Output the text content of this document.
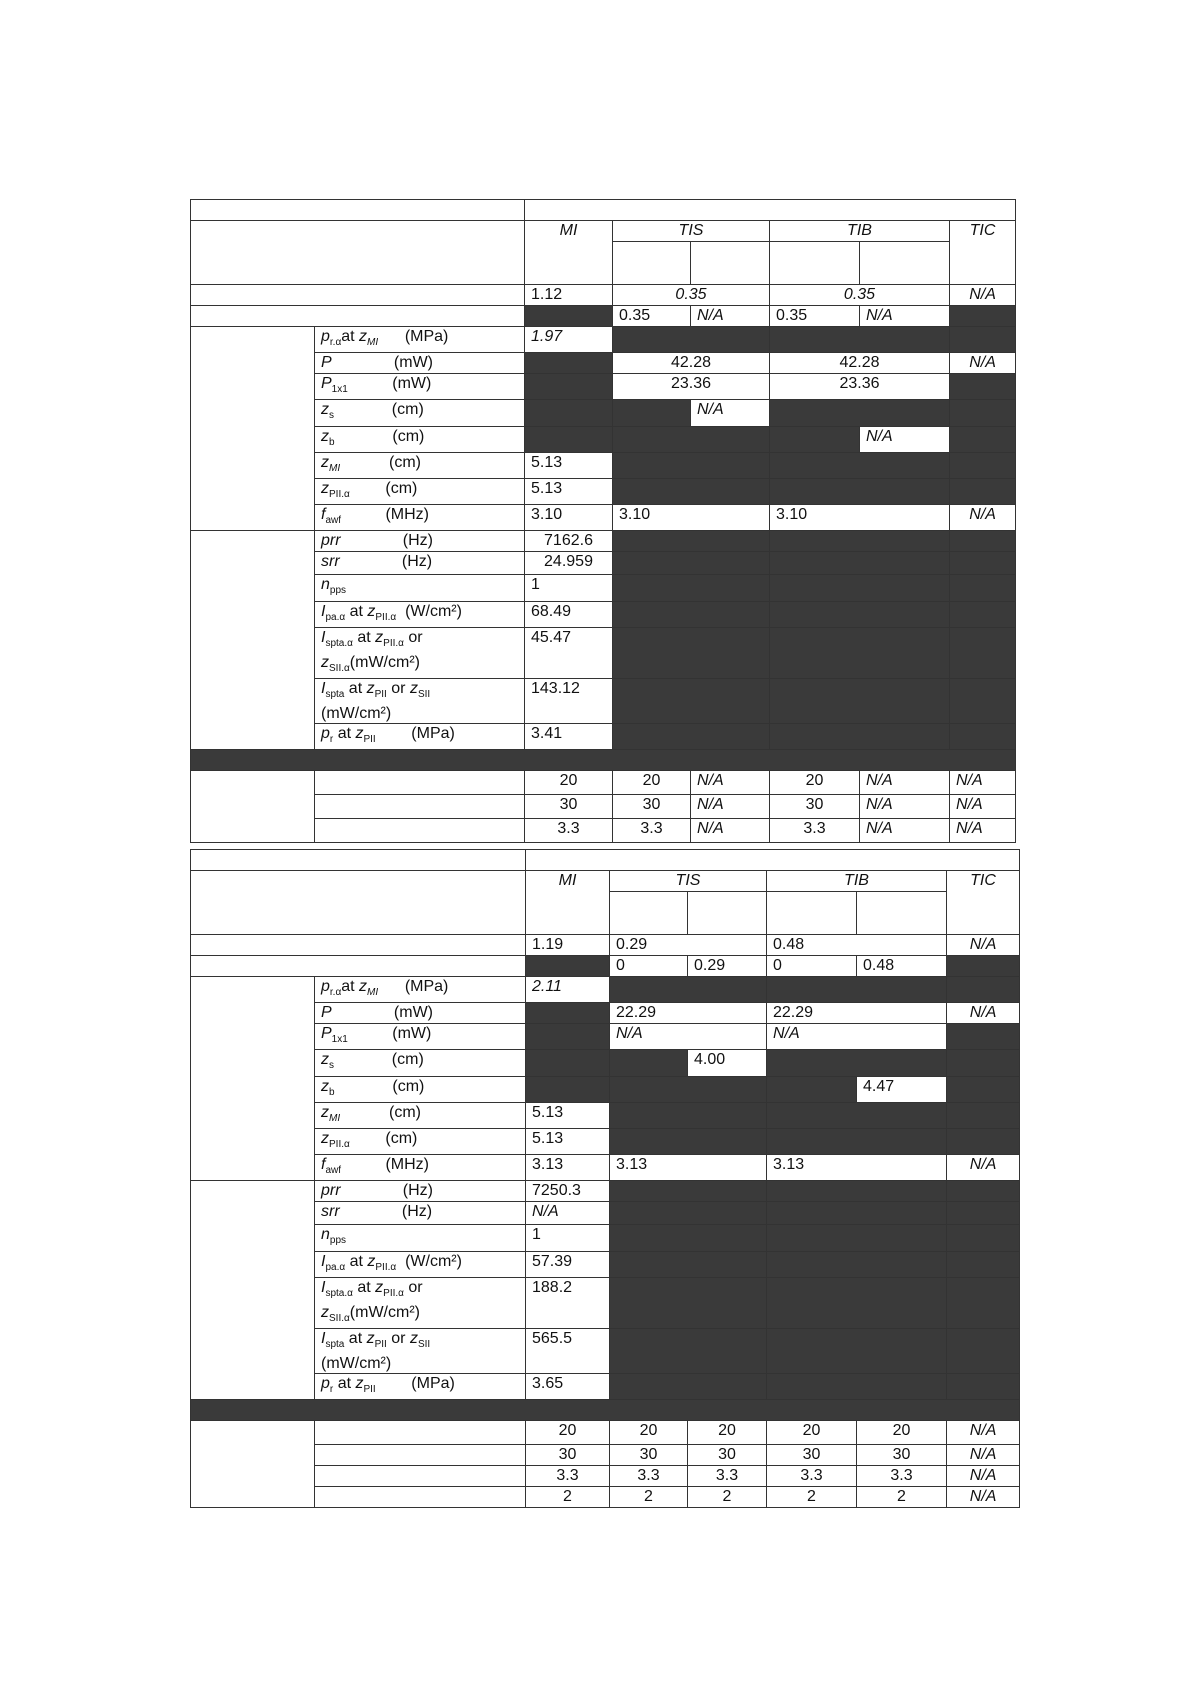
		MI	TIS		TIB		TIC

		1.12	0.35		0.35		N/A
			0.35	N/A	0.35	N/A	
	$p_{r.\alpha}at$ $z_{MI}$ (MPa)	1.97					
	P (mW)		42.28		42.28		N/A
	$P_{1x1}$ (mW)		23.36		23.36		
	$z_s$ (cm)			N/A			
	$z_b$ (cm)					N/A	
	$z_{MI}$ (cm)	5.13					
	$z_{PII.\alpha}$ (cm)	5.13					
	$f_{awf}$ (MHz)	3.10	3.10		3.10		N/A
	prr (Hz)	7162.6					
	srr (Hz)	24.959					
	$n_{pps}$	1					
	$I_{pa.\alpha}$ at $z_{PII.\alpha}$ (W/cm²)	68.49					
	$I_{spta.\alpha}$ at $z_{PII.\alpha}$ or
$z_{SII.\alpha}(mW/cm^2)$	45.47					
	$I_{spta}$ at $z_{PII}$ or $z_{SII}$
(mW/cm²)	143.12					
	$p_r$ at $z_{PII}$ (MPa)	3.41					

		20	20	N/A	20	N/A	N/A
		30	30	N/A	30	N/A	N/A
		3.3	3.3	N/A	3.3	N/A	N/A

		MI	TIS		TIB		TIC

		1.19	0.29		0.48		N/A
			0	0.29	0	0.48	
	$p_{r.\alpha}at$ $z_{MI}$ (MPa)	2.11					
	P (mW)		22.29		22.29		N/A
	$P_{1x1}$ (mW)		N/A		N/A		
	$z_s$ (cm)			4.00			
	$z_b$ (cm)					4.47	
	$z_{MI}$ (cm)	5.13					
	$z_{PII.\alpha}$ (cm)	5.13					
	$f_{awf}$ (MHz)	3.13	3.13		3.13		N/A
	prr (Hz)	7250.3					
	srr (Hz)	N/A					
	$n_{pps}$	1					
	$I_{pa.\alpha}$ at $z_{PII.\alpha}$ (W/cm²)	57.39					
	$I_{spta.\alpha}$ at $z_{PII.\alpha}$ or
$z_{SII.\alpha}(mW/cm^2)$	188.2					
	$I_{spta}$ at $z_{PII}$ or $z_{SII}$
(mW/cm²)	565.5					
	$p_r$ at $z_{PII}$ (MPa)	3.65					

		20	20	20	20	20	N/A
		30	30	30	30	30	N/A
		3.3	3.3	3.3	3.3	3.3	N/A
		2	2	2	2	2	N/A
